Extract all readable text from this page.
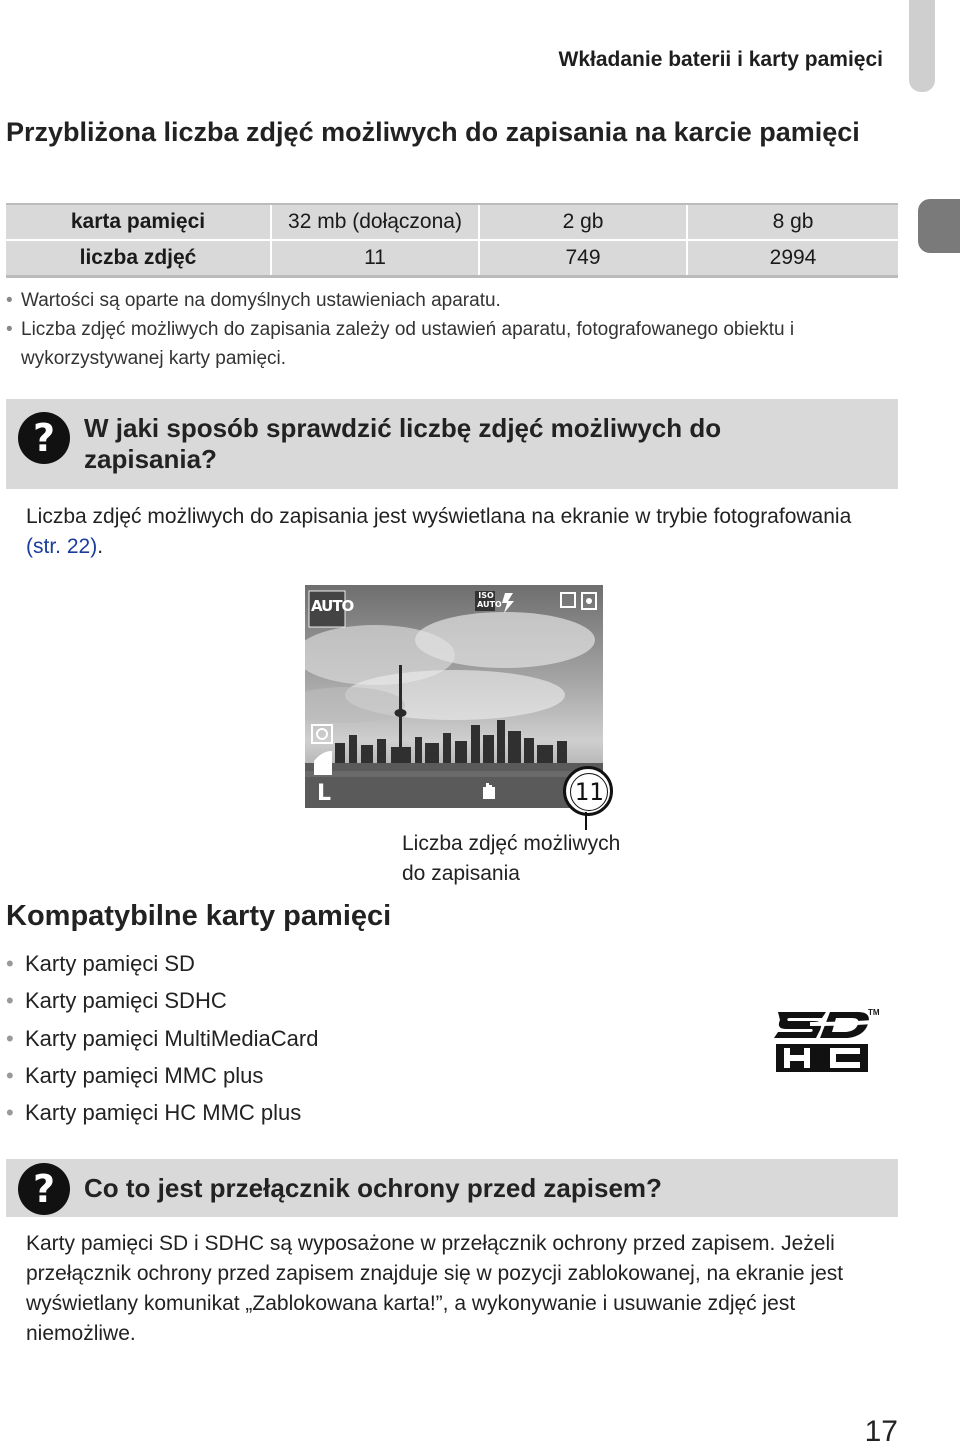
Wkładanie baterii i karty pamięci
Przybliżona liczba zdjęć możliwych do zapisania na karcie pamięci
karta pamięci	32 mb (dołączona)	2 gb	8 gb
liczba zdjęć	11	749	2994
• Wartości są oparte na domyślnych ustawieniach aparatu.
• Liczba zdjęć możliwych do zapisania zależy od ustawień aparatu, fotografowanego obiektu i wykorzystywanej karty pamięci.
?	W jaki sposób sprawdzić liczbę zdjęć możliwych do zapisania?
Liczba zdjęć możliwych do zapisania jest wyświetlana na ekranie w trybie fotografowania (str. 22).
AUTO
ISO AUTO
L	11
Liczba zdjęć możliwych
do zapisania
Kompatybilne karty pamięci
• Karty pamięci SD
• Karty pamięci SDHC
• Karty pamięci MultiMediaCard
• Karty pamięci MMC plus
• Karty pamięci HC MMC plus
TM
?	Co to jest przełącznik ochrony przed zapisem?
Karty pamięci SD i SDHC są wyposażone w przełącznik ochrony przed zapisem. Jeżeli przełącznik ochrony przed zapisem znajduje się w pozycji zablokowanej, na ekranie jest wyświetlany komunikat „Zablokowana karta!”, a wykonywanie i usuwanie zdjęć jest niemożliwe.
17
